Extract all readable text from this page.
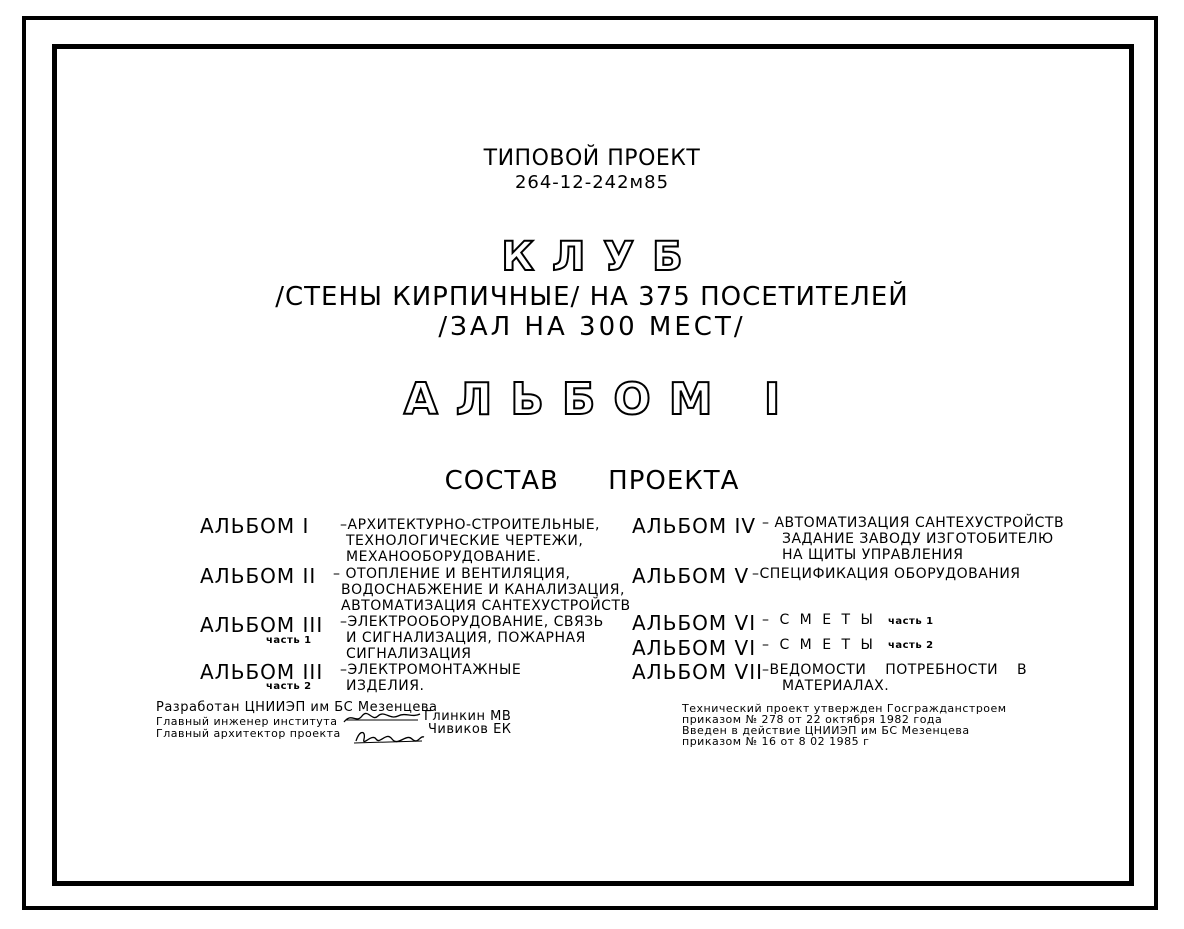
ТИПОВОЙ ПРОЕКТ
264-12-242м85
КЛУБ
/СТЕНЫ КИРПИЧНЫЕ/ НА 375 ПОСЕТИТЕЛЕЙ
/ЗАЛ НА 300 МЕСТ/
АЛЬБОМ I
СОСТАВ ПРОЕКТА
АЛЬБОМ I –АРХИТЕКТУРНО-СТРОИТЕЛЬНЫЕ,
ТЕХНОЛОГИЧЕСКИЕ ЧЕРТЕЖИ,
МЕХАНООБОРУДОВАНИЕ.
АЛЬБОМ II – ОТОПЛЕНИЕ И ВЕНТИЛЯЦИЯ,
ВОДОСНАБЖЕНИЕ И КАНАЛИЗАЦИЯ,
АВТОМАТИЗАЦИЯ САНТЕХУСТРОЙСТВ
АЛЬБОМ III
часть 1
–ЭЛЕКТРООБОРУДОВАНИЕ, СВЯЗЬ
И СИГНАЛИЗАЦИЯ, ПОЖАРНАЯ
СИГНАЛИЗАЦИЯ
АЛЬБОМ III
часть 2
–ЭЛЕКТРОМОНТАЖНЫЕ
ИЗДЕЛИЯ.
АЛЬБОМ IV – АВТОМАТИЗАЦИЯ САНТЕХУСТРОЙСТВ
ЗАДАНИЕ ЗАВОДУ ИЗГОТОБИТЕЛЮ
НА ЩИТЫ УПРАВЛЕНИЯ
АЛЬБОМ V –СПЕЦИФИКАЦИЯ ОБОРУДОВАНИЯ
АЛЬБОМ VI – С М Е Т Ы часть 1
АЛЬБОМ VI – С М Е Т Ы часть 2
АЛЬБОМ VII –ВЕДОМОСТИ ПОТРЕБНОСТИ В
МАТЕРИАЛАХ.
Разработан ЦНИИЭП им БС Мезенцева
Главный инженер института	Глинкин МВ
Главный архитектор проекта	Чивиков ЕК
Технический проект утвержден Госгражданстроем
приказом № 278 от 22 октября 1982 года
Введен в действие ЦНИИЭП им БС Мезенцева
приказом № 16 от 8 02 1985 г
